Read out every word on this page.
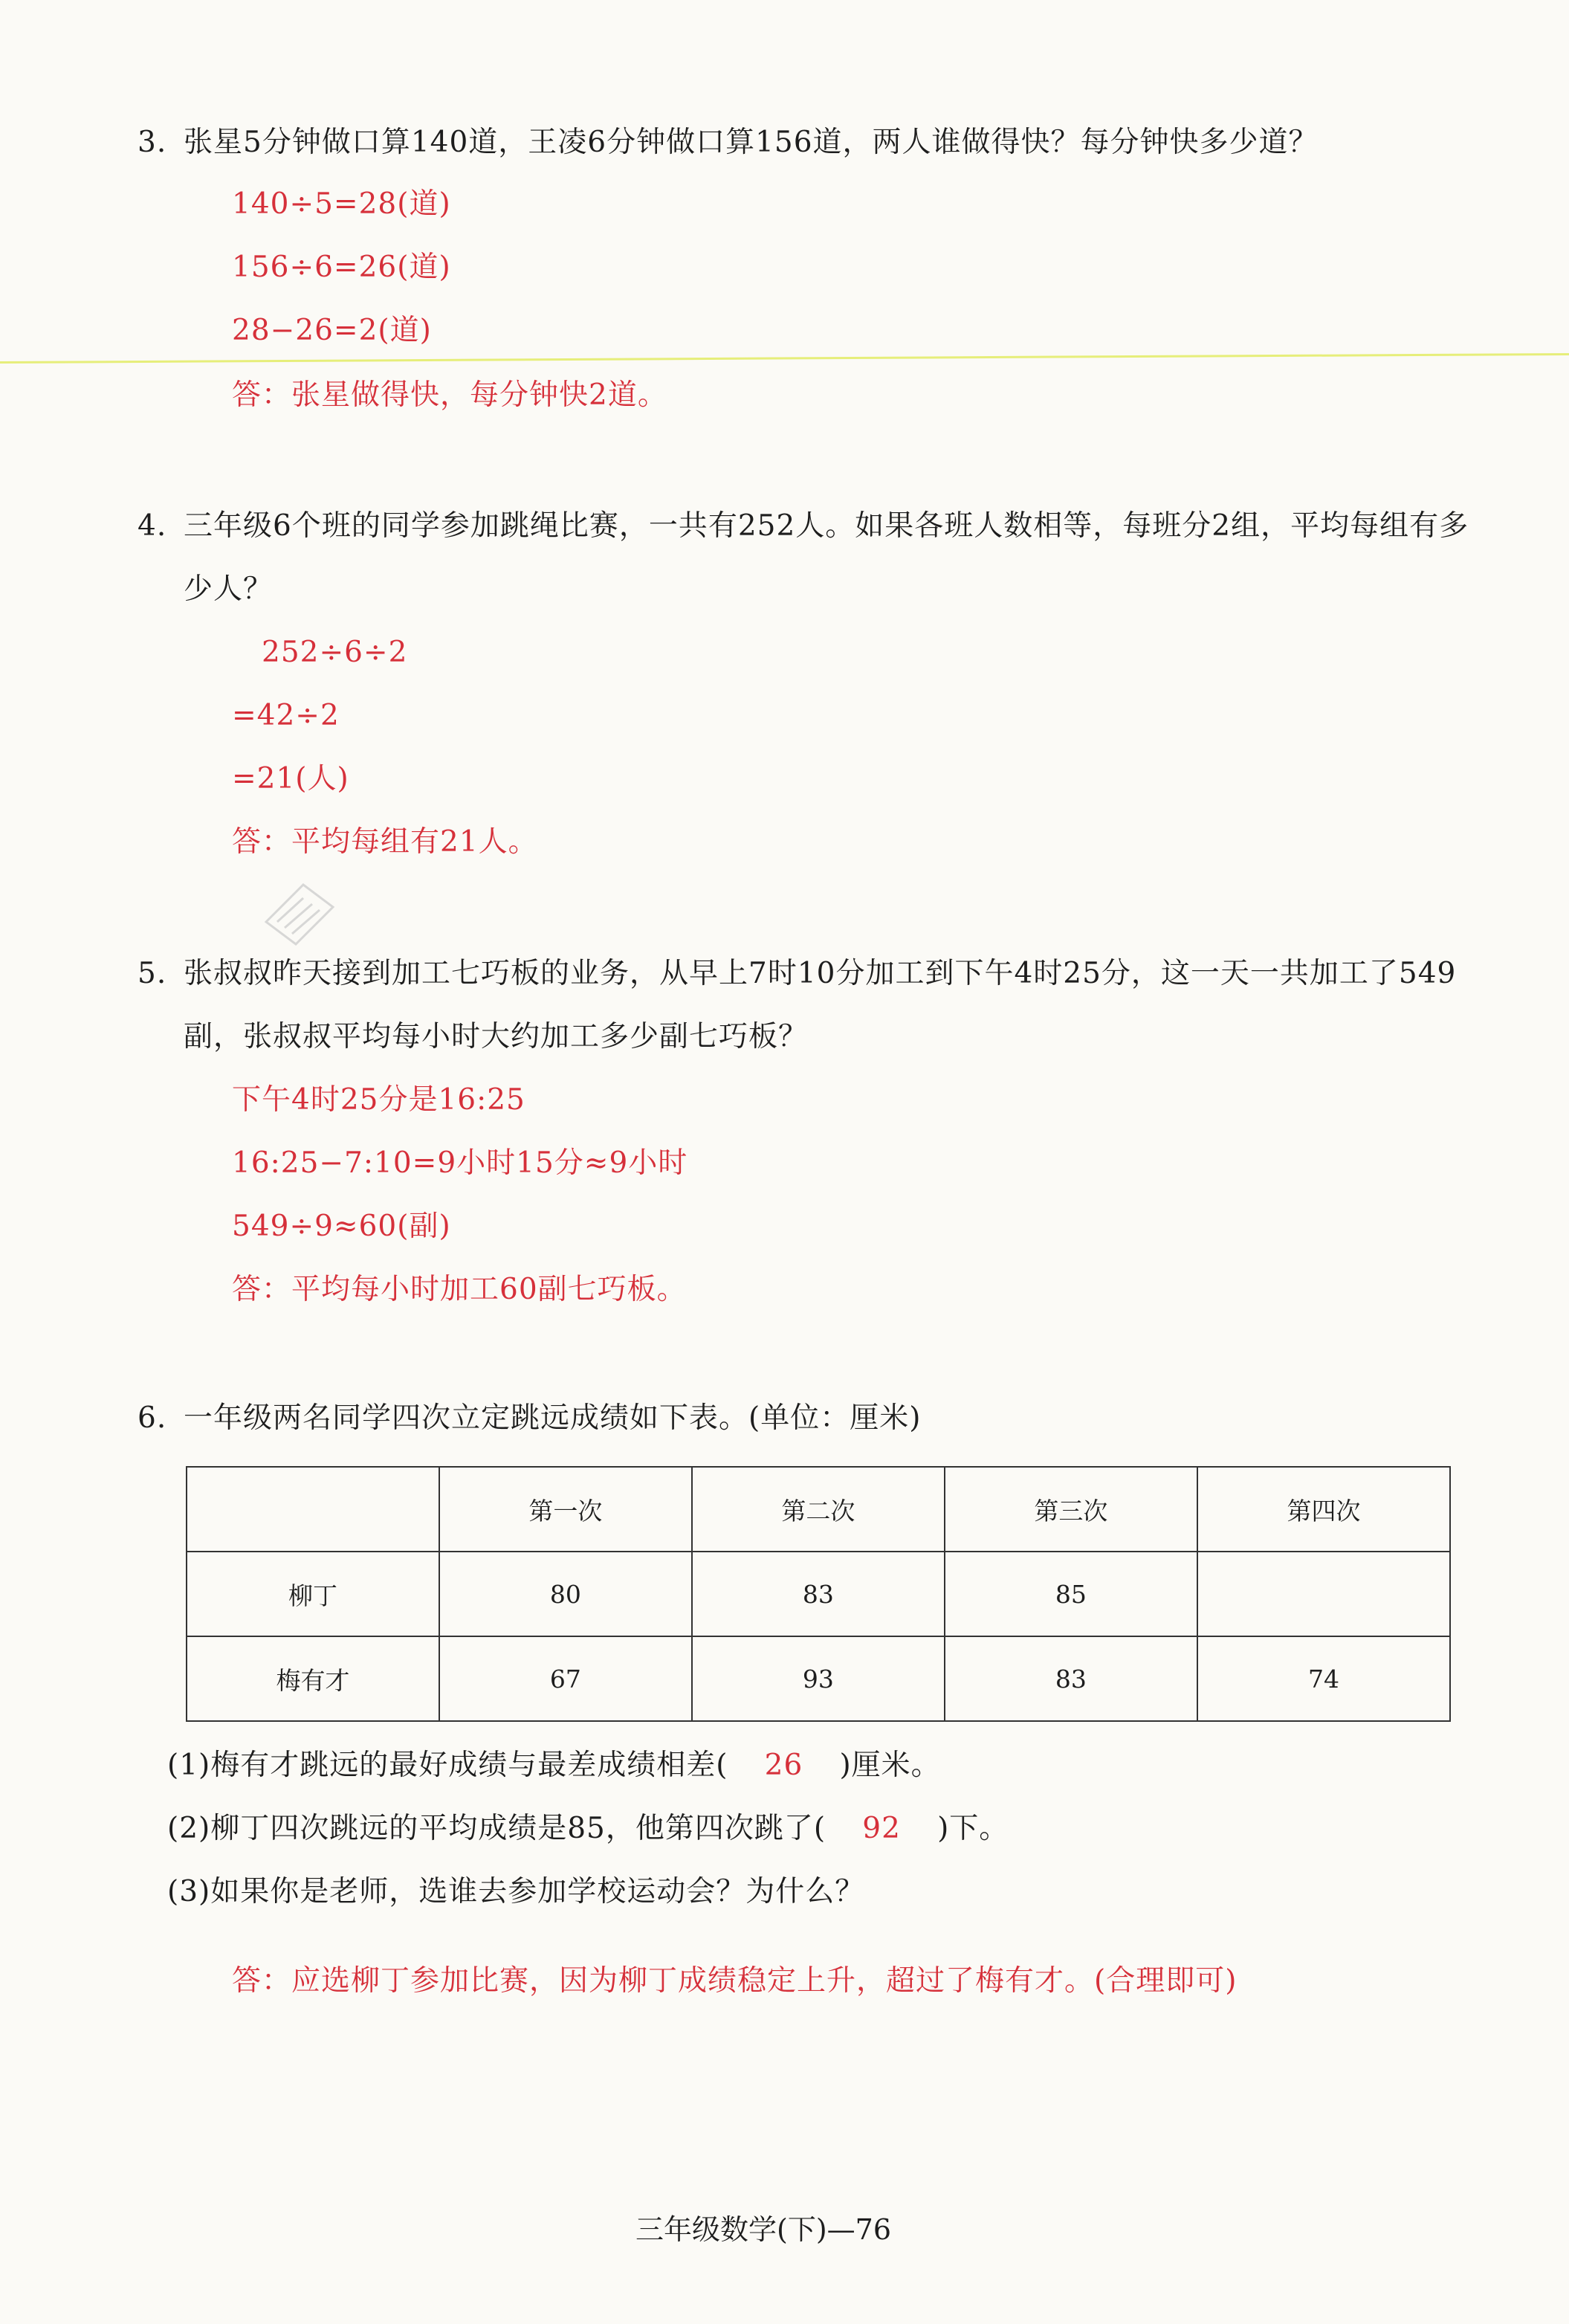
3. 张星5分钟做口算140道，王凌6分钟做口算156道，两人谁做得快？每分钟快多少道？
140÷5=28(道)
156÷6=26(道)
28−26=2(道)
答：张星做得快，每分钟快2道。
4. 三年级6个班的同学参加跳绳比赛，一共有252人。如果各班人数相等，每班分2组，平均每组有多
少人？
252÷6÷2
=42÷2
=21(人)
答：平均每组有21人。
5. 张叔叔昨天接到加工七巧板的业务，从早上7时10分加工到下午4时25分，这一天一共加工了549
副，张叔叔平均每小时大约加工多少副七巧板？
下午4时25分是16:25
16:25−7:10=9小时15分≈9小时
549÷9≈60(副)
答：平均每小时加工60副七巧板。
6. 一年级两名同学四次立定跳远成绩如下表。(单位：厘米)
	第一次	第二次	第三次	第四次
柳丁	80	83	85	
梅有才	67	93	83	74
(1)梅有才跳远的最好成绩与最差成绩相差( 26 )厘米。
(2)柳丁四次跳远的平均成绩是85，他第四次跳了( 92 )下。
(3)如果你是老师，选谁去参加学校运动会？为什么？
答：应选柳丁参加比赛，因为柳丁成绩稳定上升，超过了梅有才。(合理即可)
三年级数学(下)—76
